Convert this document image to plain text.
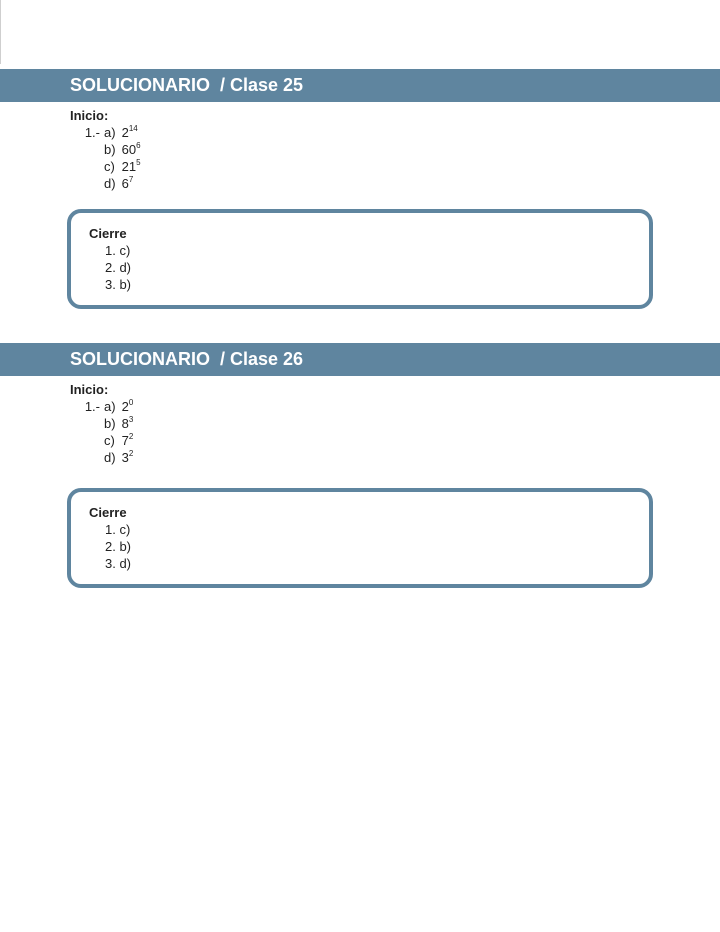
SOLUCIONARIO  / Clase 25
Inicio:
1.- a) $2^{14}$
b) $60^6$
c) $21^5$
d) $6^7$
Cierre
1. c)
2. d)
3. b)
SOLUCIONARIO  / Clase 26
Inicio:
1.- a) $2^0$
b) $8^3$
c) $7^2$
d) $3^2$
Cierre
1. c)
2. b)
3. d)
